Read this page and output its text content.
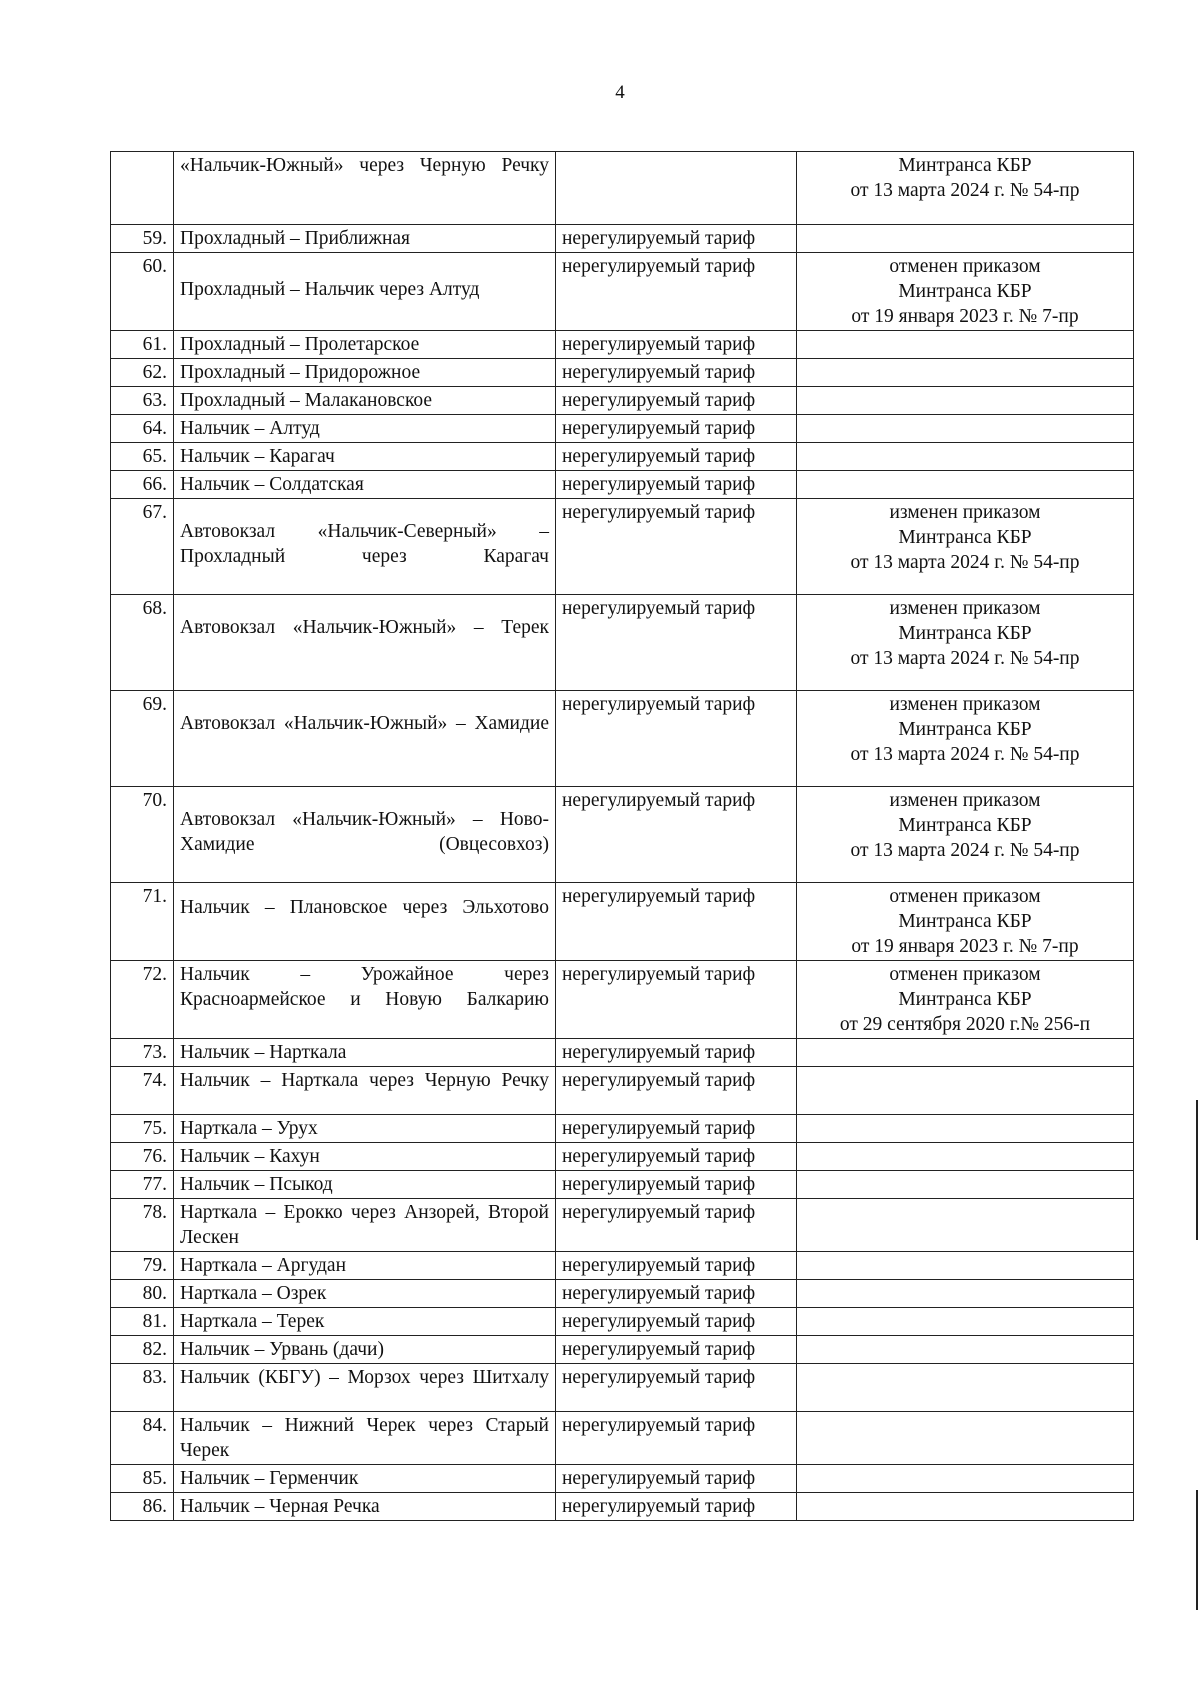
4
	«Нальчик-Южный» через Черную Речку		Минтранса КБР
от 13 марта 2024 г. № 54-пр

59.	Прохладный – Приближная	нерегулируемый тариф	
60.	Прохладный – Нальчик через Алтуд	нерегулируемый тариф	отменен приказом
Минтранса КБР
от 19 января 2023 г. № 7-пр

61.	Прохладный – Пролетарское	нерегулируемый тариф	
62.	Прохладный – Придорожное	нерегулируемый тариф	
63.	Прохладный – Малакановское	нерегулируемый тариф	
64.	Нальчик – Алтуд	нерегулируемый тариф	
65.	Нальчик – Карагач	нерегулируемый тариф	
66.	Нальчик – Солдатская	нерегулируемый тариф	
67.	Автовокзал «Нальчик-Северный» – Прохладный через Карагач	нерегулируемый тариф	изменен приказом
Минтранса КБР
от 13 марта 2024 г. № 54-пр

68.	Автовокзал «Нальчик-Южный» – Терек	нерегулируемый тариф	изменен приказом
Минтранса КБР
от 13 марта 2024 г. № 54-пр

69.	Автовокзал «Нальчик-Южный» – Хамидие	нерегулируемый тариф	изменен приказом
Минтранса КБР
от 13 марта 2024 г. № 54-пр

70.	Автовокзал «Нальчик-Южный» – Ново-Хамидие (Овцесовхоз)	нерегулируемый тариф	изменен приказом
Минтранса КБР
от 13 марта 2024 г. № 54-пр

71.	Нальчик – Плановское через Эльхотово	нерегулируемый тариф	отменен приказом
Минтранса КБР
от 19 января 2023 г. № 7-пр

72.	Нальчик – Урожайное через Красноармейское и Новую Балкарию	нерегулируемый тариф	отменен приказом
Минтранса КБР
от 29 сентября 2020 г.№ 256-п

73.	Нальчик – Нарткала	нерегулируемый тариф	
74.	Нальчик – Нарткала через Черную Речку	нерегулируемый тариф	
75.	Нарткала – Урух	нерегулируемый тариф	
76.	Нальчик – Кахун	нерегулируемый тариф	
77.	Нальчик – Псыкод	нерегулируемый тариф	
78.	Нарткала – Ерокко через Анзорей, Второй Лескен	нерегулируемый тариф	
79.	Нарткала – Аргудан	нерегулируемый тариф	
80.	Нарткала – Озрек	нерегулируемый тариф	
81.	Нарткала – Терек	нерегулируемый тариф	
82.	Нальчик – Урвань (дачи)	нерегулируемый тариф	
83.	Нальчик (КБГУ) – Морзох через Шитхалу	нерегулируемый тариф	
84.	Нальчик – Нижний Черек через Старый Черек	нерегулируемый тариф	
85.	Нальчик – Герменчик	нерегулируемый тариф	
86.	Нальчик – Черная Речка	нерегулируемый тариф	
